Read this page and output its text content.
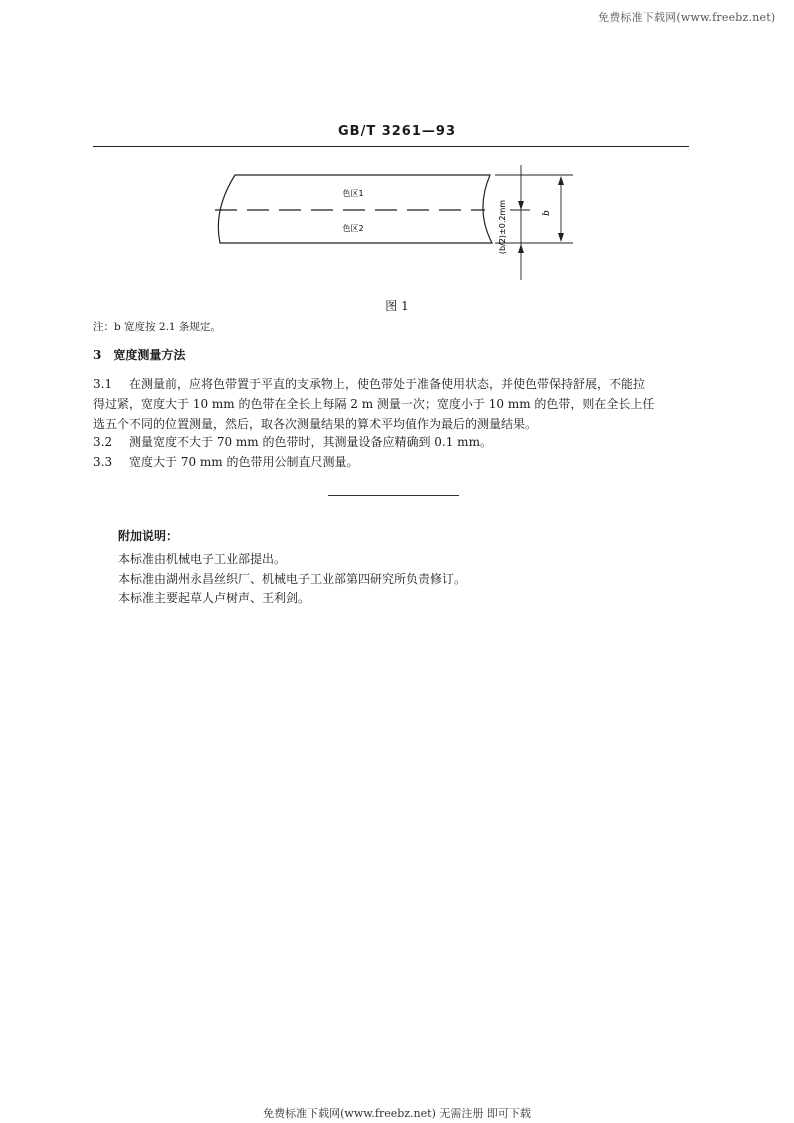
免费标准下载网(www.freebz.net)
GB/T 3261—93
色区1
色区2
b
(b/2)±0.2mm
图 1
注：b 宽度按 2.1 条规定。
3　宽度测量方法
3.1 在测量前，应将色带置于平直的支承物上，使色带处于准备使用状态，并使色带保持舒展，不能拉
得过紧，宽度大于 10 mm 的色带在全长上每隔 2 m 测量一次；宽度小于 10 mm 的色带，则在全长上任
选五个不同的位置测量，然后，取各次测量结果的算术平均值作为最后的测量结果。
3.2 测量宽度不大于 70 mm 的色带时，其测量设备应精确到 0.1 mm。
3.3 宽度大于 70 mm 的色带用公制直尺测量。
附加说明：
本标准由机械电子工业部提出。
本标准由湖州永昌丝织厂、机械电子工业部第四研究所负责修订。
本标准主要起草人卢树声、王利剑。
免费标准下载网(www.freebz.net) 无需注册 即可下载
